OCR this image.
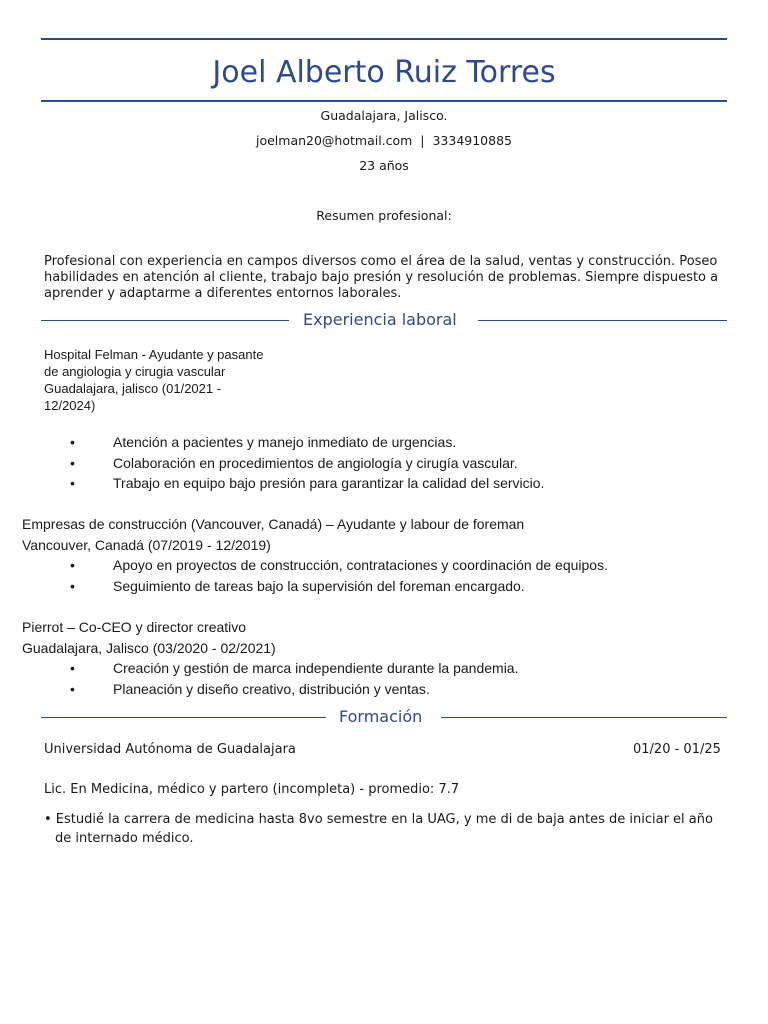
Joel Alberto Ruiz Torres
Guadalajara, Jalisco.
joelman20@hotmail.com  |  3334910885
23 años
Resumen profesional:
Profesional con experiencia en campos diversos como el área de la salud, ventas y construcción. Poseo habilidades en atención al cliente, trabajo bajo presión y resolución de problemas. Siempre dispuesto a aprender y adaptarme a diferentes entornos laborales.
Experiencia laboral
Hospital Felman - Ayudante y pasante
de angiologia y cirugia vascular
Guadalajara, jalisco (01/2021 -
12/2024)
•	Atención a pacientes y manejo inmediato de urgencias.
•	Colaboración en procedimientos de angiología y cirugía vascular.
•	Trabajo en equipo bajo presión para garantizar la calidad del servicio.
Empresas de construcción (Vancouver, Canadá) – Ayudante y labour de foreman
Vancouver, Canadá (07/2019 - 12/2019)
•	Apoyo en proyectos de construcción, contrataciones y coordinación de equipos.
•	Seguimiento de tareas bajo la supervisión del foreman encargado.
Pierrot – Co-CEO y director creativo
Guadalajara, Jalisco (03/2020 - 02/2021)
•	Creación y gestión de marca independiente durante la pandemia.
•	Planeación y diseño creativo, distribución y ventas.
Formación
Universidad Autónoma de Guadalajara	01/20 - 01/25
Lic. En Medicina, médico y partero (incompleta) - promedio: 7.7
• Estudié la carrera de medicina hasta 8vo semestre en la UAG, y me di de baja antes de iniciar el año
de internado médico.
